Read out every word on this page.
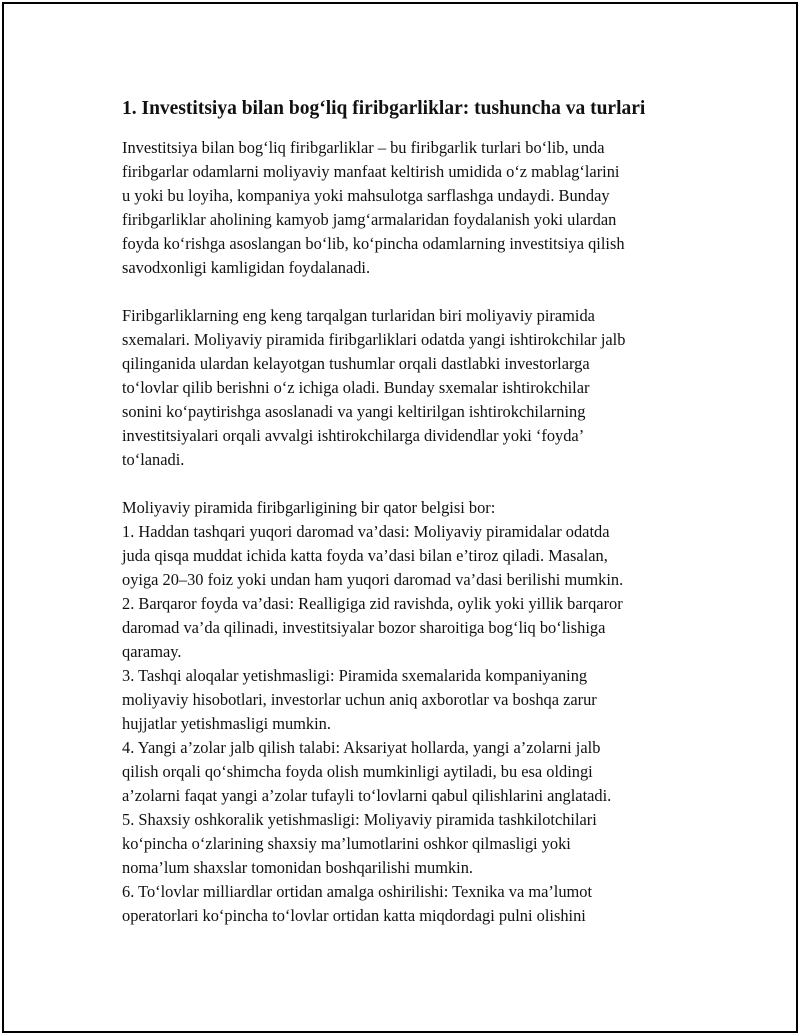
1. Investitsiya bilan bog‘liq firibgarliklar: tushuncha va turlari

Investitsiya bilan bog‘liq firibgarliklar – bu firibgarlik turlari bo‘lib, unda
firibgarlar odamlarni moliyaviy manfaat keltirish umidida o‘z mablag‘larini
u yoki bu loyiha, kompaniya yoki mahsulotga sarflashga undaydi. Bunday
firibgarliklar aholining kamyob jamg‘armalaridan foydalanish yoki ulardan
foyda ko‘rishga asoslangan bo‘lib, ko‘pincha odamlarning investitsiya qilish
savodxonligi kamligidan foydalanadi.

Firibgarliklarning eng keng tarqalgan turlaridan biri moliyaviy piramida
sxemalari. Moliyaviy piramida firibgarliklari odatda yangi ishtirokchilar jalb
qilinganida ulardan kelayotgan tushumlar orqali dastlabki investorlarga
to‘lovlar qilib berishni o‘z ichiga oladi. Bunday sxemalar ishtirokchilar
sonini ko‘paytirishga asoslanadi va yangi keltirilgan ishtirokchilarning
investitsiyalari orqali avvalgi ishtirokchilarga dividendlar yoki ‘foyda’
to‘lanadi.

Moliyaviy piramida firibgarligining bir qator belgisi bor:
1. Haddan tashqari yuqori daromad va’dasi: Moliyaviy piramidalar odatda
juda qisqa muddat ichida katta foyda va’dasi bilan e’tiroz qiladi. Masalan,
oyiga 20–30 foiz yoki undan ham yuqori daromad va’dasi berilishi mumkin.
2. Barqaror foyda va’dasi: Realligiga zid ravishda, oylik yoki yillik barqaror
daromad va’da qilinadi, investitsiyalar bozor sharoitiga bog‘liq bo‘lishiga
qaramay.
3. Tashqi aloqalar yetishmasligi: Piramida sxemalarida kompaniyaning
moliyaviy hisobotlari, investorlar uchun aniq axborotlar va boshqa zarur
hujjatlar yetishmasligi mumkin.
4. Yangi a’zolar jalb qilish talabi: Aksariyat hollarda, yangi a’zolarni jalb
qilish orqali qo‘shimcha foyda olish mumkinligi aytiladi, bu esa oldingi
a’zolarni faqat yangi a’zolar tufayli to‘lovlarni qabul qilishlarini anglatadi.
5. Shaxsiy oshkoralik yetishmasligi: Moliyaviy piramida tashkilotchilari
ko‘pincha o‘zlarining shaxsiy ma’lumotlarini oshkor qilmasligi yoki
noma’lum shaxslar tomonidan boshqarilishi mumkin.
6. To‘lovlar milliardlar ortidan amalga oshirilishi: Texnika va ma’lumot
operatorlari ko‘pincha to‘lovlar ortidan katta miqdordagi pulni olishini
